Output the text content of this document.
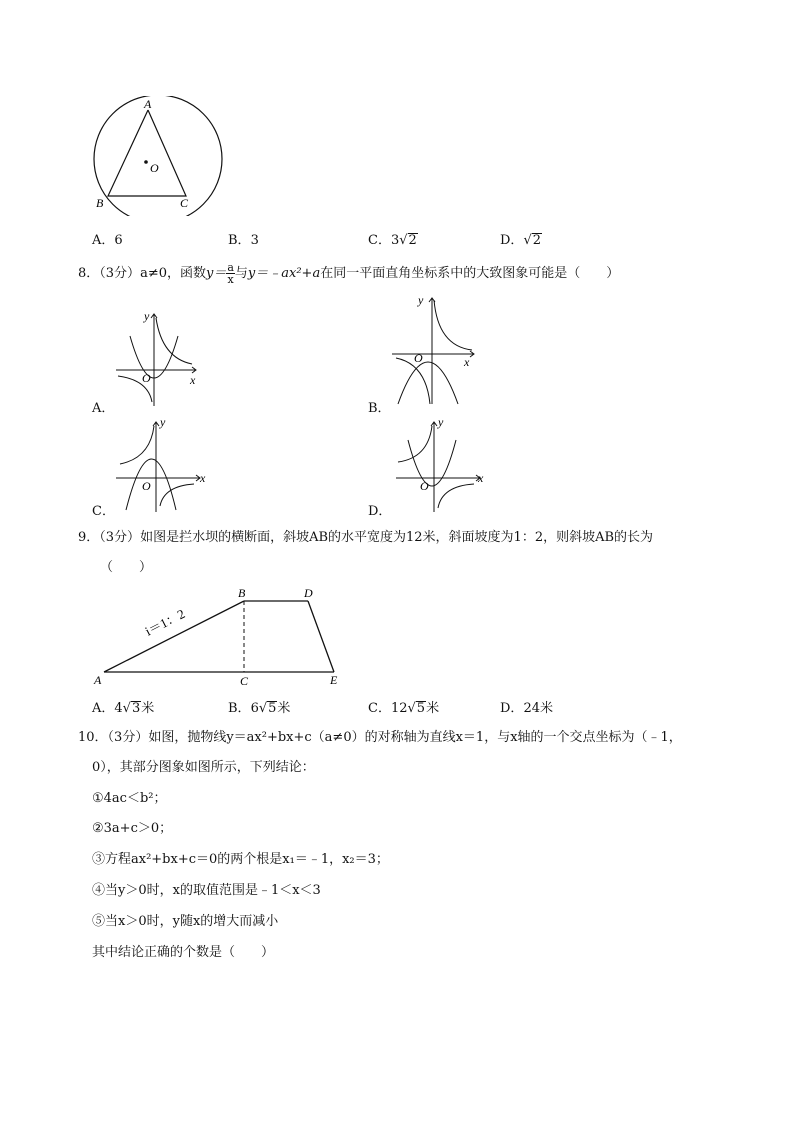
A
O
B	C
A．6	B．3	C．3√2	D．√2
8．（3分）a≠0，函数$y= \frac{a}{x}$ 与y＝﹣ax²+a在同一平面直角坐标系中的大致图象可能是（　　）
y
x
O
A．
y
x
O
B．
y
x
O
C．
y
x
O
D．
9．（3分）如图是拦水坝的横断面，斜坡AB的水平宽度为12米，斜面坡度为1：2，则斜坡AB的长为
（　　）
i＝1：2
A
B
C
D
E
A．4√3米	B．6√5米	C．12√5米	D．24米
10．（3分）如图，抛物线y＝ax²+bx+c（a≠0）的对称轴为直线x＝1，与x轴的一个交点坐标为（﹣1，
0），其部分图象如图所示，下列结论：
①4ac＜b²；
②3a+c＞0；
③方程ax²+bx+c＝0的两个根是x₁＝﹣1，x₂＝3；
④当y＞0时，x的取值范围是﹣1＜x＜3
⑤当x＞0时，y随x的增大而减小
其中结论正确的个数是（　　）
